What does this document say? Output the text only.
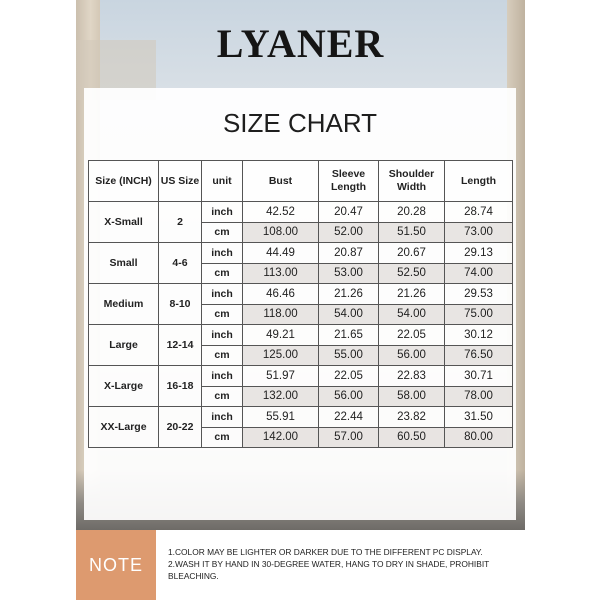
LYANER
SIZE CHART
Size (INCH)	US Size	unit	Bust	Sleeve Length	Shoulder Width	Length
X-Small	2	inch	42.52	20.47	20.28	28.74
		cm	108.00	52.00	51.50	73.00
Small	4-6	inch	44.49	20.87	20.67	29.13
		cm	113.00	53.00	52.50	74.00
Medium	8-10	inch	46.46	21.26	21.26	29.53
		cm	118.00	54.00	54.00	75.00
Large	12-14	inch	49.21	21.65	22.05	30.12
		cm	125.00	55.00	56.00	76.50
X-Large	16-18	inch	51.97	22.05	22.83	30.71
		cm	132.00	56.00	58.00	78.00
XX-Large	20-22	inch	55.91	22.44	23.82	31.50
		cm	142.00	57.00	60.50	80.00
NOTE
1.COLOR MAY BE LIGHTER OR DARKER DUE TO THE DIFFERENT PC DISPLAY.
2.WASH IT BY HAND IN 30-DEGREE WATER, HANG TO DRY IN SHADE, PROHIBIT BLEACHING.
